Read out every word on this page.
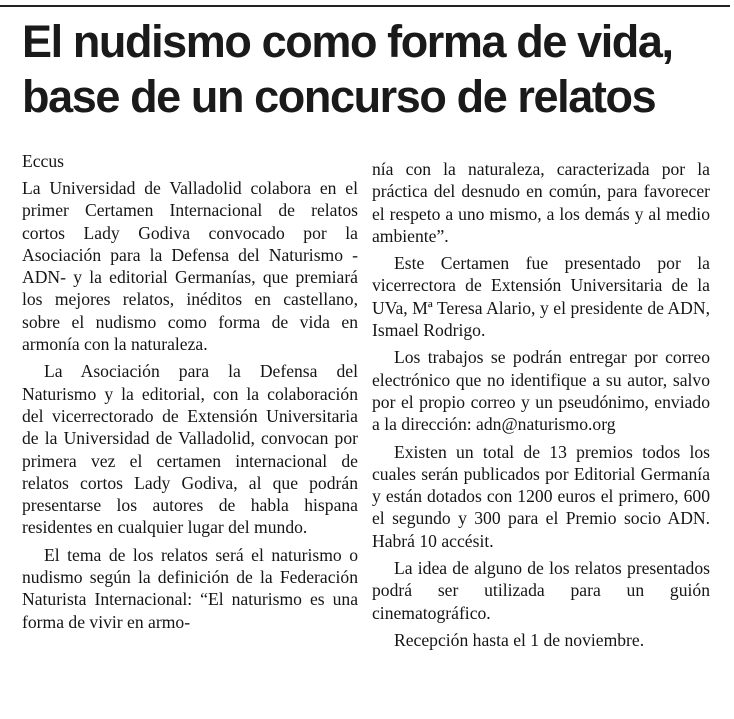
El nudismo como forma de vida,
base de un concurso de relatos

Eccus

La Universidad de Valladolid colabora en el primer Certamen Internacional de relatos cortos Lady Godiva convocado por la Asociación para la Defensa del Naturismo -ADN- y la editorial Germanías, que premiará los mejores relatos, inéditos en castellano, sobre el nudismo como forma de vida en armonía con la naturaleza.

La Asociación para la Defensa del Naturismo y la editorial, con la colaboración del vicerrectorado de Extensión Universitaria de la Universidad de Valladolid, convocan por primera vez el certamen internacional de relatos cortos Lady Godiva, al que podrán presentarse los autores de habla hispana residentes en cualquier lugar del mundo.

El tema de los relatos será el naturismo o nudismo según la definición de la Federación Naturista Internacional: “El naturismo es una forma de vivir en armo-

nía con la naturaleza, caracterizada por la práctica del desnudo en común, para favorecer el respeto a uno mismo, a los demás y al medio ambiente”.

Este Certamen fue presentado por la vicerrectora de Extensión Universitaria de la UVa, Mª Teresa Alario, y el presidente de ADN, Ismael Rodrigo.

Los trabajos se podrán entregar por correo electrónico que no identifique a su autor, salvo por el propio correo y un pseudónimo, enviado a la dirección: adn@naturismo.org

Existen un total de 13 premios todos los cuales serán publicados por Editorial Germanía y están dotados con 1200 euros el primero, 600 el segundo y 300 para el Premio socio ADN. Habrá 10 accésit.

La idea de alguno de los relatos presentados podrá ser utilizada para un guión cinematográfico.

Recepción hasta el 1 de noviembre.
